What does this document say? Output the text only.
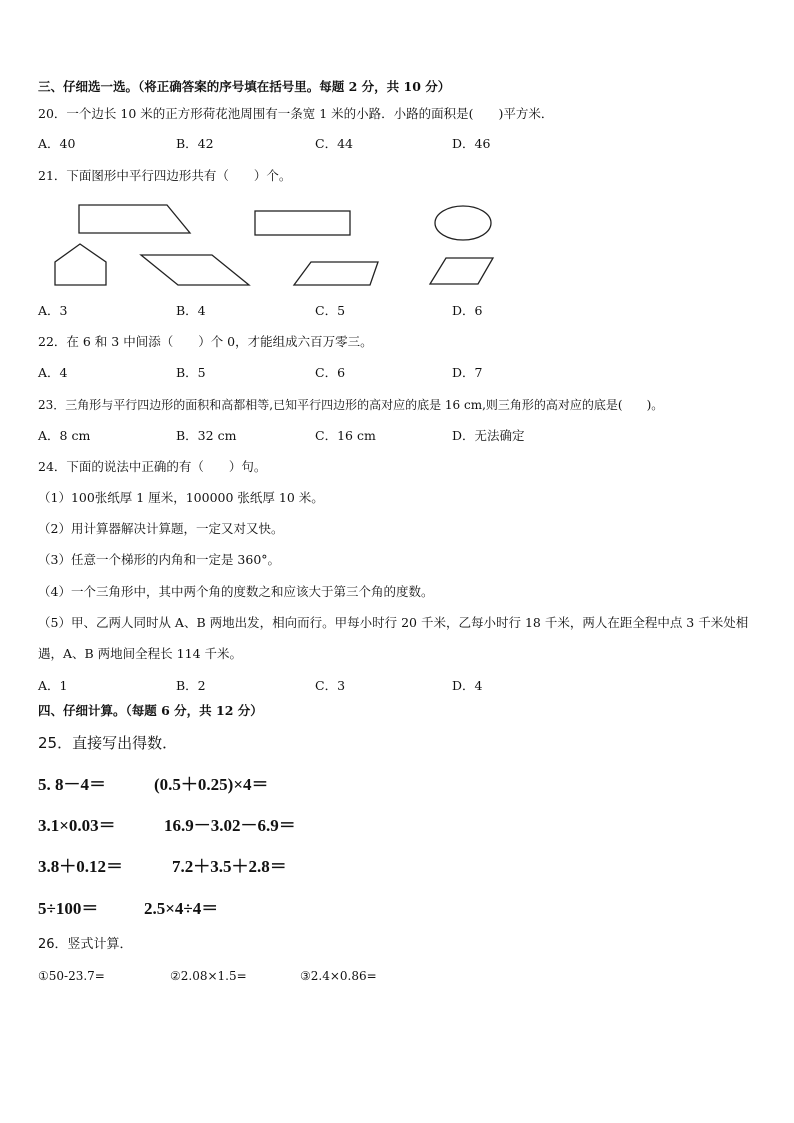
三、仔细选一选。（将正确答案的序号填在括号里。每题 2 分，共 10 分）
20．一个边长 10 米的正方形荷花池周围有一条宽 1 米的小路．小路的面积是(　　)平方米．
A．40	B．42	C．44	D．46
21．下面图形中平行四边形共有（　　）个。
A．3	B．4	C．5	D．6
22．在 6 和 3 中间添（　　）个 0，才能组成六百万零三。
A．4	B．5	C．6	D．7
23．三角形与平行四边形的面积和高都相等,已知平行四边形的高对应的底是 16 cm,则三角形的高对应的底是(　　)。
A．8 cm	B．32 cm	C．16 cm	D．无法确定
24．下面的说法中正确的有（　　）句。
（1）100张纸厚 1 厘米，100000 张纸厚 10 米。
（2）用计算器解决计算题，一定又对又快。
（3）任意一个梯形的内角和一定是 360°。
（4）一个三角形中，其中两个角的度数之和应该大于第三个角的度数。
（5）甲、乙两人同时从 A、B 两地出发，相向而行。甲每小时行 20 千米，乙每小时行 18 千米，两人在距全程中点 3 千米处相遇，A、B 两地间全程长 114 千米。
A．1	B．2	C．3	D．4
四、仔细计算。（每题 6 分，共 12 分）
25．直接写出得数．
5. 8－4＝	(0.5＋0.25)×4＝
3.1×0.03＝	16.9－3.02－6.9＝
3.8＋0.12＝	7.2＋3.5＋2.8＝
5÷100＝	2.5×4÷4＝
26．竖式计算．
①50-23.7=	②2.08×1.5=	③2.4×0.86=
